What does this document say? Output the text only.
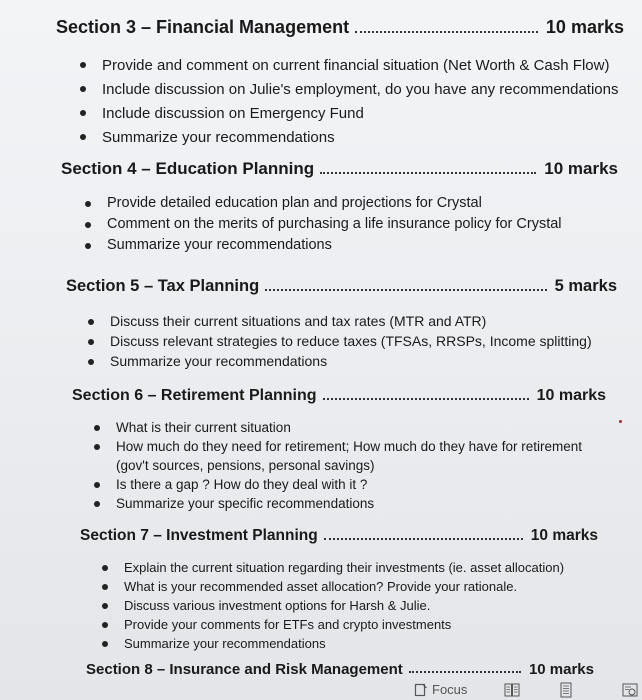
Section 3 – Financial Management	10 marks
Provide and comment on current financial situation (Net Worth & Cash Flow)
Include discussion on Julie's employment, do you have any recommendations
Include discussion on Emergency Fund
Summarize your recommendations
Section 4 – Education Planning	10 marks
Provide detailed education plan and projections for Crystal
Comment on the merits of purchasing a life insurance policy for Crystal
Summarize your recommendations
Section 5 – Tax Planning	5 marks
Discuss their current situations and tax rates (MTR and ATR)
Discuss relevant strategies to reduce taxes (TFSAs, RRSPs, Income splitting)
Summarize your recommendations
Section 6 – Retirement Planning	10 marks
What is their current situation
How much do they need for retirement; How much do they have for retirement (gov't sources, pensions, personal savings)
Is there a gap ? How do they deal with it ?
Summarize your specific recommendations
Section 7 – Investment Planning	10 marks
Explain the current situation regarding their investments (ie. asset allocation)
What is your recommended asset allocation? Provide your rationale.
Discuss various investment options for Harsh & Julie.
Provide your comments for ETFs and crypto investments
Summarize your recommendations
Section 8 – Insurance and Risk Management	10 marks
Focus
